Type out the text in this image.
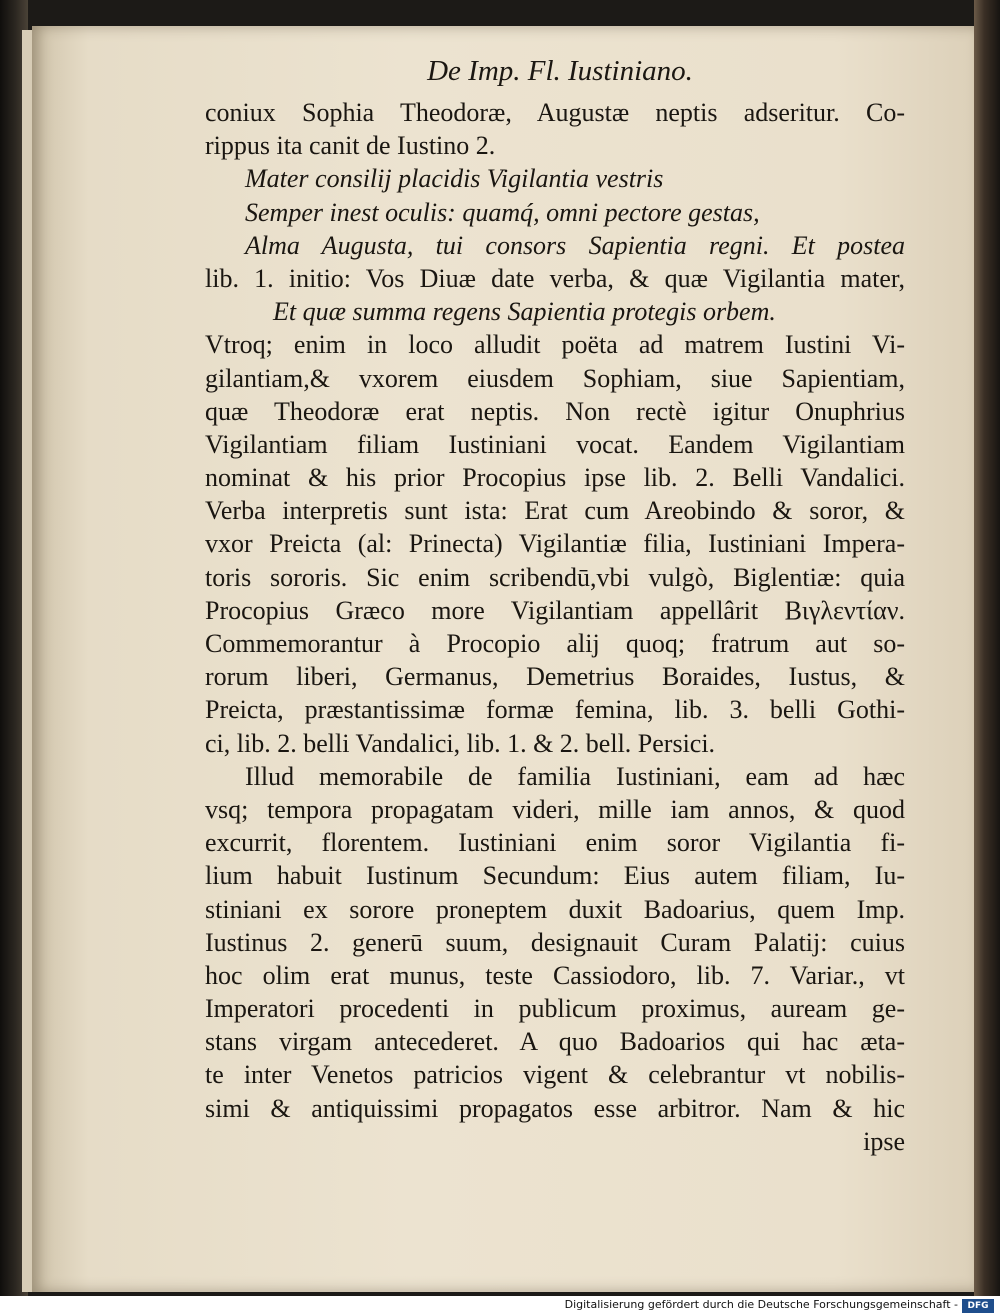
De Imp. Fl. Iustiniano.
coniux Sophia Theodoræ, Augustæ neptis adseritur. Co-
rippus ita canit de Iustino 2.
Mater consilij placidis Vigilantia vestris
Semper inest oculis: quamq́, omni pectore gestas,
Alma Augusta, tui consors Sapientia regni. Et postea
lib. 1. initio: Vos Diuæ date verba, & quæ Vigilantia mater,
Et quæ summa regens Sapientia protegis orbem.
Vtroq; enim in loco alludit poëta ad matrem Iustini Vi-
gilantiam,& vxorem eiusdem Sophiam, siue Sapientiam,
quæ Theodoræ erat neptis. Non rectè igitur Onuphrius
Vigilantiam filiam Iustiniani vocat. Eandem Vigilantiam
nominat & his prior Procopius ipse lib. 2. Belli Vandalici.
Verba interpretis sunt ista: Erat cum Areobindo & soror, &
vxor Preicta (al: Prinecta) Vigilantiæ filia, Iustiniani Impera-
toris sororis. Sic enim scribendū,vbi vulgò, Biglentiæ: quia
Procopius Græco more Vigilantiam appellârit Βιγλεντίαν.
Commemorantur à Procopio alij quoq; fratrum aut so-
rorum liberi, Germanus, Demetrius Boraides, Iustus, &
Preicta, præstantissimæ formæ femina, lib. 3. belli Gothi-
ci, lib. 2. belli Vandalici, lib. 1. & 2. bell. Persici.
Illud memorabile de familia Iustiniani, eam ad hæc
vsq; tempora propagatam videri, mille iam annos, & quod
excurrit, florentem. Iustiniani enim soror Vigilantia fi-
lium habuit Iustinum Secundum: Eius autem filiam, Iu-
stiniani ex sorore proneptem duxit Badoarius, quem Imp.
Iustinus 2. generū suum, designauit Curam Palatij: cuius
hoc olim erat munus, teste Cassiodoro, lib. 7. Variar., vt
Imperatori procedenti in publicum proximus, auream ge-
stans virgam antecederet. A quo Badoarios qui hac æta-
te inter Venetos patricios vigent & celebrantur vt nobilis-
simi & antiquissimi propagatos esse arbitror. Nam & hic
ipse
Digitalisierung gefördert durch die Deutsche Forschungsgemeinschaft -	DFG
